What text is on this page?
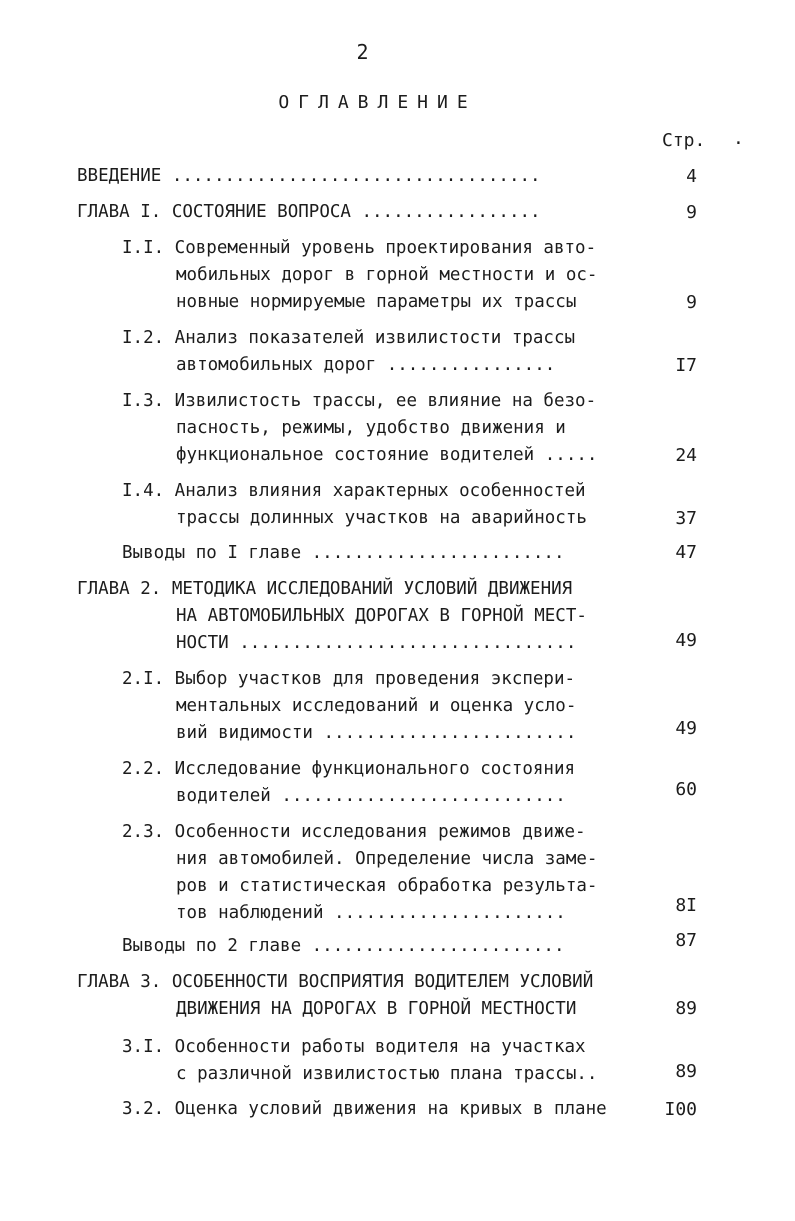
2
ОГЛАВЛЕНИЕ
Стр. .
ВВЕДЕНИЕ ...................................	4
ГЛАВА I. СОСТОЯНИЕ ВОПРОСА .................	9
I.I. Современный уровень проектирования авто-
мобильных дорог в горной местности и ос-
новные нормируемые параметры их трассы	9
I.2. Анализ показателей извилистости трассы
автомобильных дорог ................	I7
I.3. Извилистость трассы, ее влияние на безо-
пасность, режимы, удобство движения и
функциональное состояние водителей .....	24
I.4. Анализ влияния характерных особенностей
трассы долинных участков на аварийность	37
Выводы по I главе ........................	47
ГЛАВА 2. МЕТОДИКА ИССЛЕДОВАНИЙ УСЛОВИЙ ДВИЖЕНИЯ
НА АВТОМОБИЛЬНЫХ ДОРОГАХ В ГОРНОЙ МЕСТ-
НОСТИ ................................	49
2.I. Выбор участков для проведения экспери-
ментальных исследований и оценка усло-
вий видимости ........................	49
2.2. Исследование функционального состояния
водителей ...........................	60
2.3. Особенности исследования режимов движе-
ния автомобилей. Определение числа заме-
ров и статистическая обработка результа-
тов наблюдений ......................	8I
Выводы по 2 главе ........................	87
ГЛАВА 3. ОСОБЕННОСТИ ВОСПРИЯТИЯ ВОДИТЕЛЕМ УСЛОВИЙ
ДВИЖЕНИЯ НА ДОРОГАХ В ГОРНОЙ МЕСТНОСТИ	89
3.I. Особенности работы водителя на участках
с различной извилистостью плана трассы..	89
3.2. Оценка условий движения на кривых в плане	I00
